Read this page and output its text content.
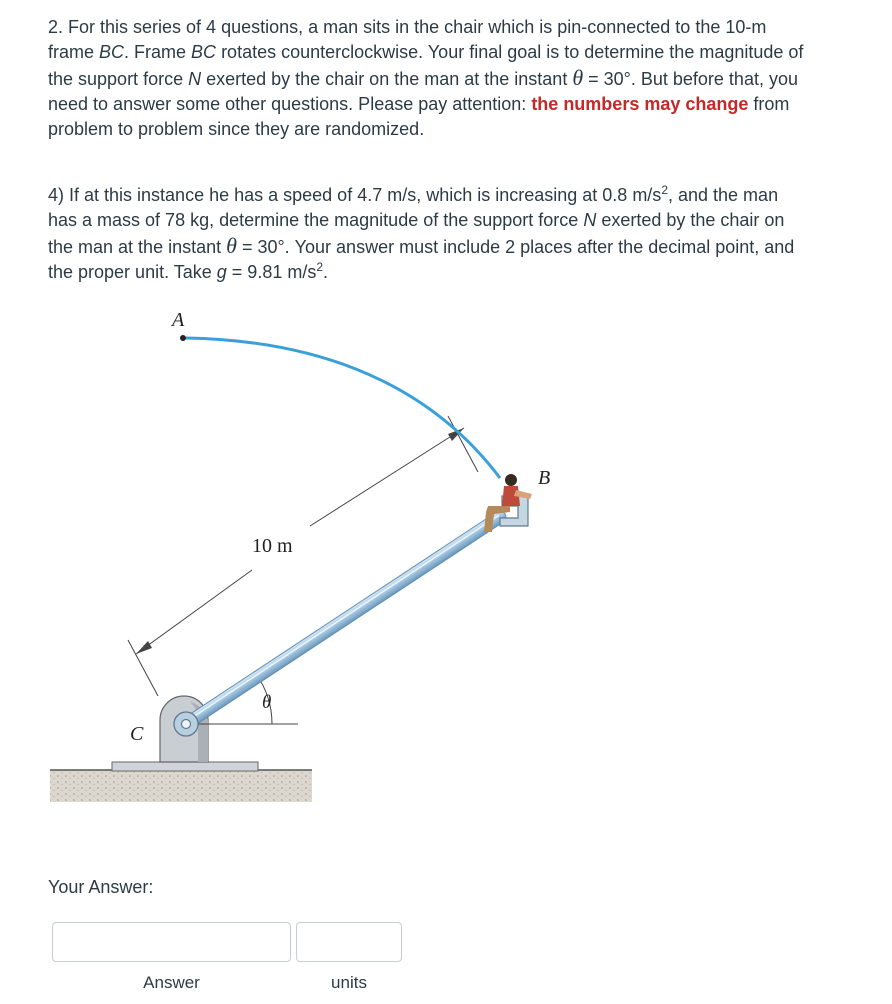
2. For this series of 4 questions, a man sits in the chair which is pin-connected to the 10-m frame BC. Frame BC rotates counterclockwise. Your final goal is to determine the magnitude of the support force N exerted by the chair on the man at the instant θ = 30°. But before that, you need to answer some other questions. Please pay attention: the numbers may change from problem to problem since they are randomized.
4) If at this instance he has a speed of 4.7 m/s, which is increasing at 0.8 $m/s^2$, and the man has a mass of 78 kg, determine the magnitude of the support force N exerted by the chair on the man at the instant θ = 30°. Your answer must include 2 places after the decimal point, and the proper unit. Take g = 9.81 $m/s^2$.
10 m
A
θ
C
B
Your Answer:
Answer	units
